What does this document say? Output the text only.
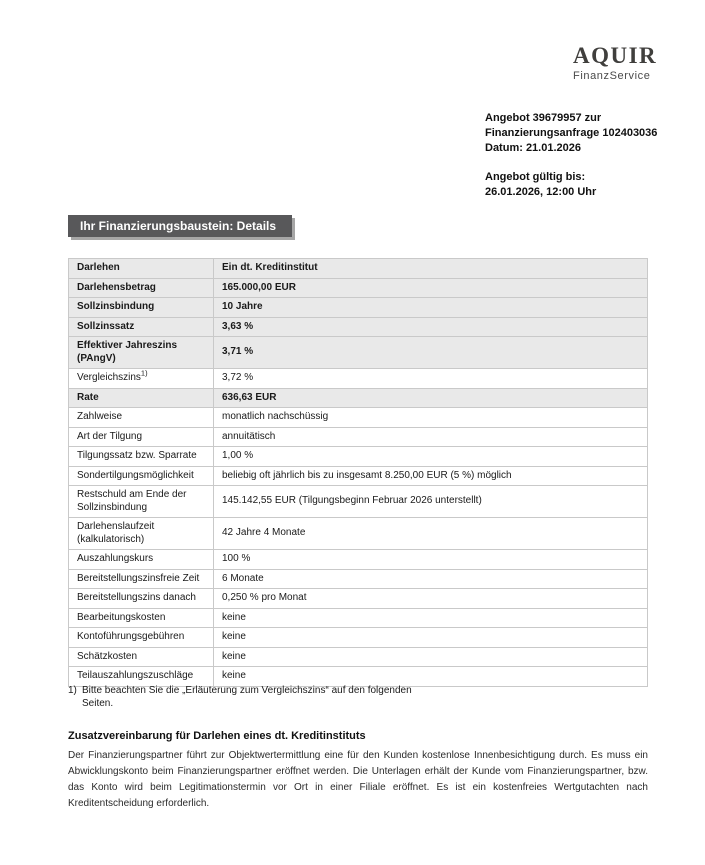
AQUIR
FinanzService
Angebot 39679957 zur
Finanzierungsanfrage 102403036
Datum: 21.01.2026
Angebot gültig bis:
26.01.2026, 12:00 Uhr
Ihr Finanzierungsbaustein: Details
Darlehen	Ein dt. Kreditinstitut
Darlehensbetrag	165.000,00 EUR
Sollzinsbindung	10 Jahre
Sollzinssatz	3,63 %
Effektiver Jahreszins (PAngV)	3,71 %
Vergleichszins$^{1)}$	3,72 %
Rate	636,63 EUR
Zahlweise	monatlich nachschüssig
Art der Tilgung	annuitätisch
Tilgungssatz bzw. Sparrate	1,00 %
Sondertilgungsmöglichkeit	beliebig oft jährlich bis zu insgesamt 8.250,00 EUR (5 %) möglich
Restschuld am Ende der Sollzinsbindung	145.142,55 EUR (Tilgungsbeginn Februar 2026 unterstellt)
Darlehenslaufzeit (kalkulatorisch)	42 Jahre 4 Monate
Auszahlungskurs	100 %
Bereitstellungszinsfreie Zeit	6 Monate
Bereitstellungszins danach	0,250 % pro Monat
Bearbeitungskosten	keine
Kontoführungsgebühren	keine
Schätzkosten	keine
Teilauszahlungszuschläge	keine
1) Bitte beachten Sie die „Erläuterung zum Vergleichszins“ auf den folgenden Seiten.
Zusatzvereinbarung für Darlehen eines dt. Kreditinstituts
Der Finanzierungspartner führt zur Objektwertermittlung eine für den Kunden kostenlose Innenbesichtigung durch. Es muss ein Abwicklungskonto beim Finanzierungspartner eröffnet werden. Die Unterlagen erhält der Kunde vom Finanzierungspartner, bzw. das Konto wird beim Legitimationstermin vor Ort in einer Filiale eröffnet. Es ist ein kostenfreies Wertgutachten nach Kreditentscheidung erforderlich.
